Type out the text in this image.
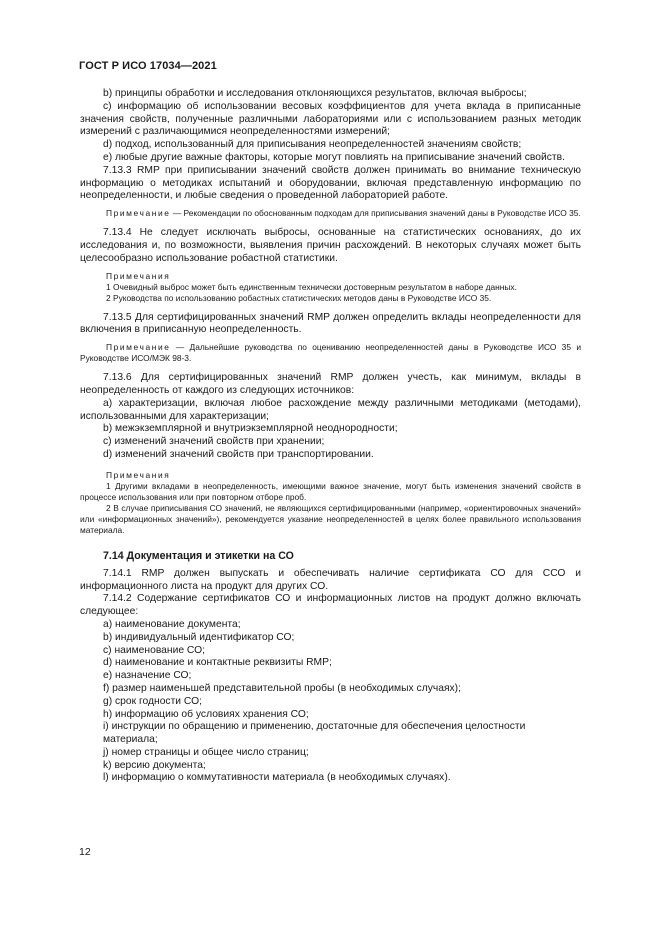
ГОСТ Р ИСО 17034—2021

b) принципы обработки и исследования отклоняющихся результатов, включая выбросы;

c) информацию об использовании весовых коэффициентов для учета вклада в приписанные значения свойств, полученные различными лабораториями или с использованием разных методик измерений с различающимися неопределенностями измерений;

d) подход, использованный для приписывания неопределенностей значениям свойств;

e) любые другие важные факторы, которые могут повлиять на приписывание значений свойств.

7.13.3 RMP при приписывании значений свойств должен принимать во внимание техническую информацию о методиках испытаний и оборудовании, включая представленную информацию по неопределенности, и любые сведения о проведенной лабораторией работе.

Примечание — Рекомендации по обоснованным подходам для приписывания значений даны в Руководстве ИСО 35.

7.13.4 Не следует исключать выбросы, основанные на статистических основаниях, до их исследования и, по возможности, выявления причин расхождений. В некоторых случаях может быть целесообразно использование робастной статистики.

Примечания

1 Очевидный выброс может быть единственным технически достоверным результатом в наборе данных.

2 Руководства по использованию робастных статистических методов даны в Руководстве ИСО 35.

7.13.5 Для сертифицированных значений RMP должен определить вклады неопределенности для включения в приписанную неопределенность.

Примечание — Дальнейшие руководства по оцениванию неопределенностей даны в Руководстве ИСО 35 и Руководстве ИСО/МЭК 98-3.

7.13.6 Для сертифицированных значений RMP должен учесть, как минимум, вклады в неопределенность от каждого из следующих источников:

a) характеризации, включая любое расхождение между различными методиками (методами), использованными для характеризации;

b) межэкземплярной и внутриэкземплярной неоднородности;

c) изменений значений свойств при хранении;

d) изменений значений свойств при транспортировании.

Примечания

1 Другими вкладами в неопределенность, имеющими важное значение, могут быть изменения значений свойств в процессе использования или при повторном отборе проб.

2 В случае приписывания СО значений, не являющихся сертифицированными (например, «ориентировочных значений» или «информационных значений»), рекомендуется указание неопределенностей в целях более правильного использования материала.

7.14 Документация и этикетки на СО

7.14.1 RMP должен выпускать и обеспечивать наличие сертификата СО для ССО и информационного листа на продукт для других СО.

7.14.2 Содержание сертификатов СО и информационных листов на продукт должно включать следующее:

a) наименование документа;

b) индивидуальный идентификатор СО;

c) наименование СО;

d) наименование и контактные реквизиты RMP;

e) назначение СО;

f) размер наименьшей представительной пробы (в необходимых случаях);

g) срок годности СО;

h) информацию об условиях хранения СО;

i) инструкции по обращению и применению, достаточные для обеспечения целостности материала;

j) номер страницы и общее число страниц;

k) версию документа;

l) информацию о коммутативности материала (в необходимых случаях).

12
